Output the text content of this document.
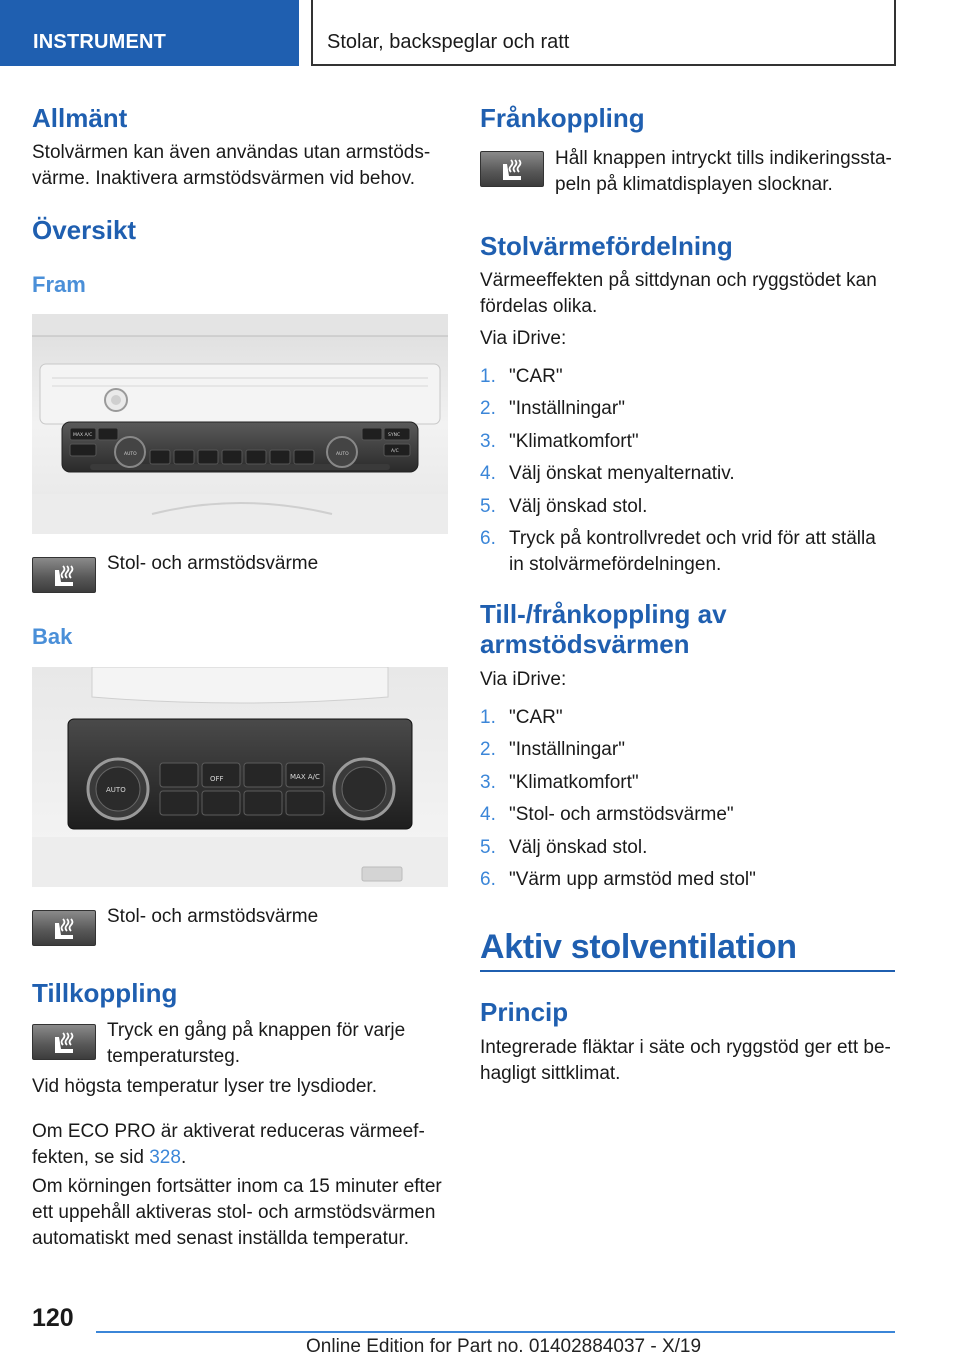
INSTRUMENT	Stolar, backspeglar och ratt
Allmänt
Stolvärmen kan även användas utan armstödsvärme. Inaktivera armstödsvärmen vid behov.
Översikt
Fram
MAX A/C
AUTO	AUTO
SYNC
A/C
Stol- och armstödsvärme
Bak
AUTO
OFF	MAX A/C
Stol- och armstödsvärme
Tillkoppling
Tryck en gång på knappen för varje temperatursteg.
Vid högsta temperatur lyser tre lysdioder.
Om ECO PRO är aktiverat reduceras värmeeffekten, se sid 328.
Om körningen fortsätter inom ca 15 minuter efter ett uppehåll aktiveras stol- och armstödsvärmen automatiskt med senast inställda temperatur.
Frånkoppling
Håll knappen intryckt tills indikeringsstapeln på klimatdisplayen slocknar.
Stolvärmefördelning
Värmeeffekten på sittdynan och ryggstödet kan fördelas olika.
Via iDrive:
1. "CAR"
2. "Inställningar"
3. "Klimatkomfort"
4. Välj önskat menyalternativ.
5. Välj önskad stol.
6. Tryck på kontrollvredet och vrid för att ställa
in stolvärmefördelningen.
Till-/frånkoppling av
armstödsvärmen
Via iDrive:
1. "CAR"
2. "Inställningar"
3. "Klimatkomfort"
4. "Stol- och armstödsvärme"
5. Välj önskad stol.
6. "Värm upp armstöd med stol"
Aktiv stolventilation
Princip
Integrerade fläktar i säte och ryggstöd ger ett behagligt sittklimat.
120
Online Edition for Part no. 01402884037 - X/19
